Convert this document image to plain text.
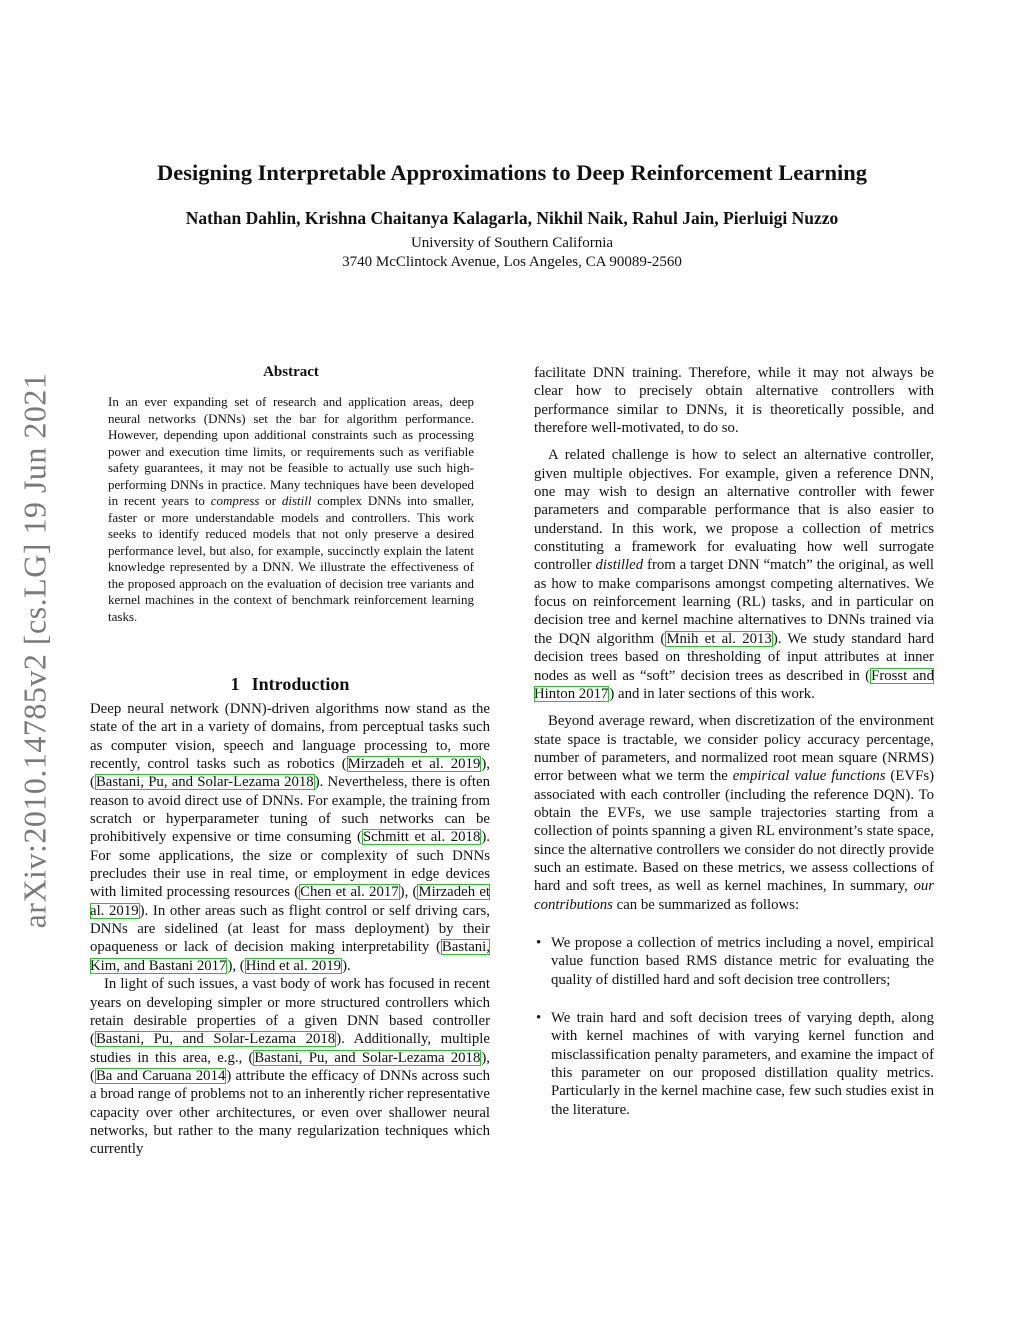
arXiv:2010.14785v2 [cs.LG] 19 Jun 2021
Designing Interpretable Approximations to Deep Reinforcement Learning
Nathan Dahlin, Krishna Chaitanya Kalagarla, Nikhil Naik, Rahul Jain, Pierluigi Nuzzo
University of Southern California
3740 McClintock Avenue, Los Angeles, CA 90089-2560
Abstract
In an ever expanding set of research and application areas, deep neural networks (DNNs) set the bar for algorithm performance. However, depending upon additional constraints such as processing power and execution time limits, or requirements such as verifiable safety guarantees, it may not be feasible to actually use such high-performing DNNs in practice. Many techniques have been developed in recent years to compress or distill complex DNNs into smaller, faster or more understandable models and controllers. This work seeks to identify reduced models that not only preserve a desired performance level, but also, for example, succinctly explain the latent knowledge represented by a DNN. We illustrate the effectiveness of the proposed approach on the evaluation of decision tree variants and kernel machines in the context of benchmark reinforcement learning tasks.
1 Introduction

Deep neural network (DNN)-driven algorithms now stand as the state of the art in a variety of domains, from perceptual tasks such as computer vision, speech and language processing to, more recently, control tasks such as robotics (Mirzadeh et al. 2019), (Bastani, Pu, and Solar-Lezama 2018). Nevertheless, there is often reason to avoid direct use of DNNs. For example, the training from scratch or hyperparameter tuning of such networks can be prohibitively expensive or time consuming (Schmitt et al. 2018). For some applications, the size or complexity of such DNNs precludes their use in real time, or employment in edge devices with limited processing resources (Chen et al. 2017), (Mirzadeh et al. 2019). In other areas such as flight control or self driving cars, DNNs are sidelined (at least for mass deployment) by their opaqueness or lack of decision making interpretability (Bastani, Kim, and Bastani 2017), (Hind et al. 2019).

In light of such issues, a vast body of work has focused in recent years on developing simpler or more structured controllers which retain desirable properties of a given DNN based controller (Bastani, Pu, and Solar-Lezama 2018). Additionally, multiple studies in this area, e.g., (Bastani, Pu, and Solar-Lezama 2018), (Ba and Caruana 2014) attribute the efficacy of DNNs across such a broad range of problems not to an inherently richer representative capacity over other architectures, or even over shallower neural networks, but rather to the many regularization techniques which currently

facilitate DNN training. Therefore, while it may not always be clear how to precisely obtain alternative controllers with performance similar to DNNs, it is theoretically possible, and therefore well-motivated, to do so.

A related challenge is how to select an alternative controller, given multiple objectives. For example, given a reference DNN, one may wish to design an alternative controller with fewer parameters and comparable performance that is also easier to understand. In this work, we propose a collection of metrics constituting a framework for evaluating how well surrogate controller distilled from a target DNN “match” the original, as well as how to make comparisons amongst competing alternatives. We focus on reinforcement learning (RL) tasks, and in particular on decision tree and kernel machine alternatives to DNNs trained via the DQN algorithm (Mnih et al. 2013). We study standard hard decision trees based on thresholding of input attributes at inner nodes as well as “soft” decision trees as described in (Frosst and Hinton 2017) and in later sections of this work.

Beyond average reward, when discretization of the environment state space is tractable, we consider policy accuracy percentage, number of parameters, and normalized root mean square (NRMS) error between what we term the empirical value functions (EVFs) associated with each controller (including the reference DQN). To obtain the EVFs, we use sample trajectories starting from a collection of points spanning a given RL environment’s state space, since the alternative controllers we consider do not directly provide such an estimate. Based on these metrics, we assess collections of hard and soft trees, as well as kernel machines, In summary, our contributions can be summarized as follows:

• We propose a collection of metrics including a novel, empirical value function based RMS distance metric for evaluating the quality of distilled hard and soft decision tree controllers;
• We train hard and soft decision trees of varying depth, along with kernel machines of with varying kernel function and misclassification penalty parameters, and examine the impact of this parameter on our proposed distillation quality metrics. Particularly in the kernel machine case, few such studies exist in the literature.
